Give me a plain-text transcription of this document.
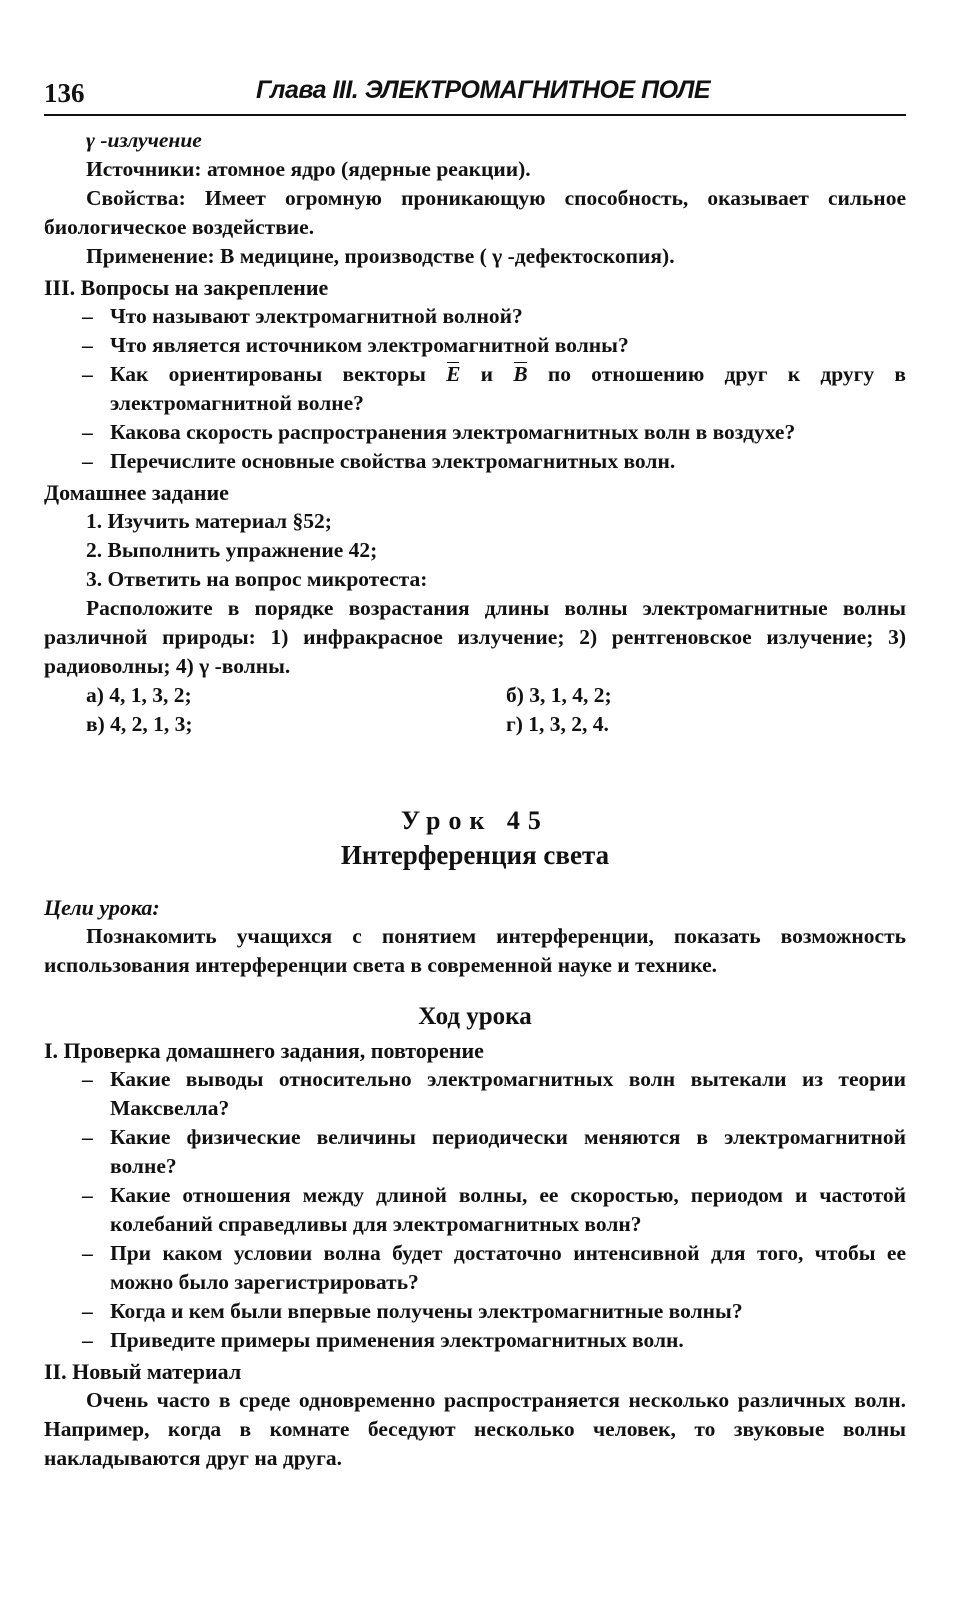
136	Глава III. ЭЛЕКТРОМАГНИТНОЕ ПОЛЕ
γ -излучение

Источники: атомное ядро (ядерные реакции).

Свойства: Имеет огромную проникающую способность, оказывает сильное биологическое воздействие.

Применение: В медицине, производстве ( γ -дефектоскопия).

III. Вопросы на закрепление
– Что называют электромагнитной волной?
– Что является источником электромагнитной волны?
– Как ориентированы векторы E и B по отношению друг к другу в электромагнитной волне?
– Какова скорость распространения электромагнитных волн в воздухе?
– Перечислите основные свойства электромагнитных волн.
Домашнее задание
1. Изучить материал §52;
2. Выполнить упражнение 42;
3. Ответить на вопрос микротеста:

Расположите в порядке возрастания длины волны электромагнитные волны различной природы: 1) инфракрасное излучение; 2) рентгеновское излучение; 3) радиоволны; 4) γ -волны.

а) 4, 1, 3, 2;	б) 3, 1, 4, 2;
в) 4, 2, 1, 3;	г) 1, 3, 2, 4.
Урок 45
Интерференция света
Цели урока:

Познакомить учащихся с понятием интерференции, показать возможность использования интерференции света в современной науке и технике.

Ход урока
I. Проверка домашнего задания, повторение
– Какие выводы относительно электромагнитных волн вытекали из теории Максвелла?
– Какие физические величины периодически меняются в электромагнитной волне?
– Какие отношения между длиной волны, ее скоростью, периодом и частотой колебаний справедливы для электромагнитных волн?
– При каком условии волна будет достаточно интенсивной для того, чтобы ее можно было зарегистрировать?
– Когда и кем были впервые получены электромагнитные волны?
– Приведите примеры применения электромагнитных волн.
II. Новый материал

Очень часто в среде одновременно распространяется несколько различных волн. Например, когда в комнате беседуют несколько человек, то звуковые волны накладываются друг на друга.
